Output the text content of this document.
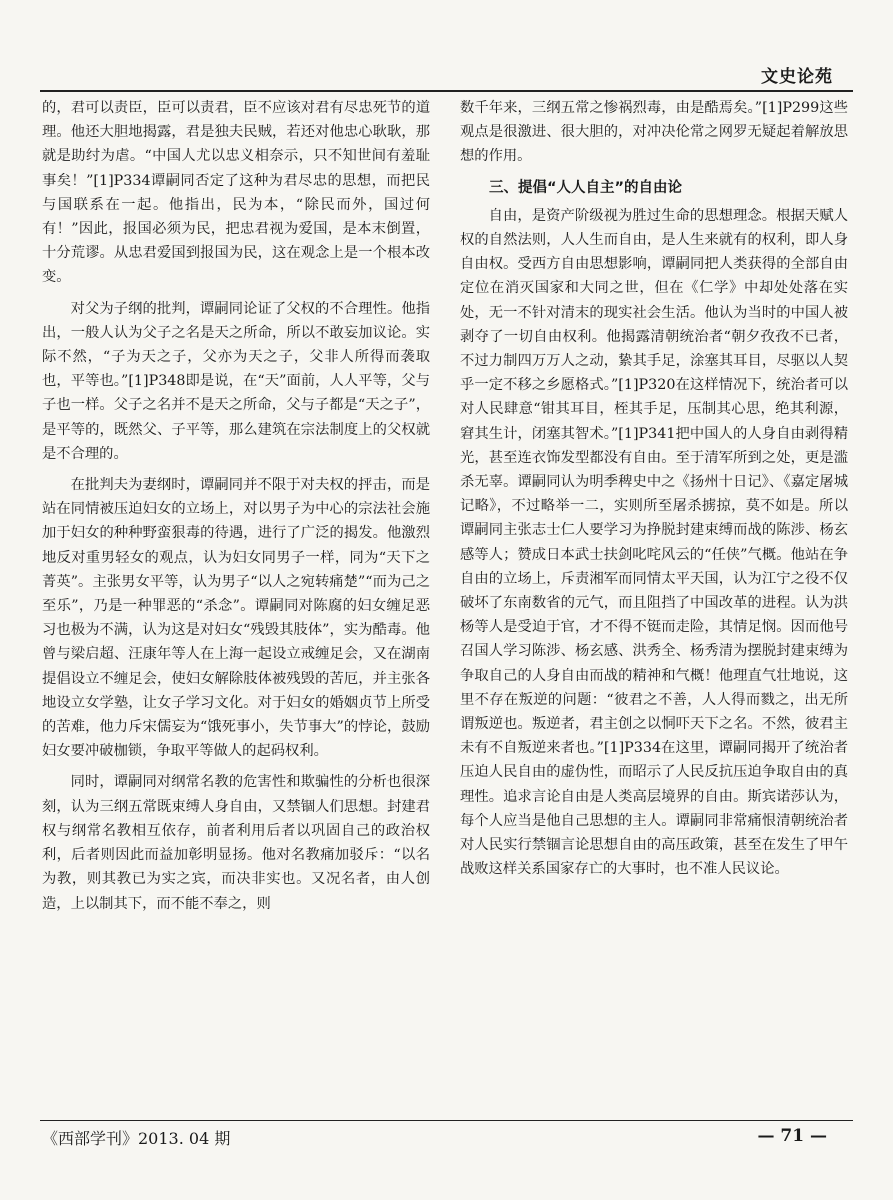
文史论苑

的，君可以责臣，臣可以责君，臣不应该对君有尽忠死节的道理。他还大胆地揭露，君是独夫民贼，若还对他忠心耿耿，那就是助纣为虐。“中国人尤以忠义相奈示，只不知世间有羞耻事矣！”[1]P334谭嗣同否定了这种为君尽忠的思想，而把民与国联系在一起。他指出，民为本，“除民而外，国过何有！”因此，报国必须为民，把忠君视为爱国，是本末倒置，十分荒谬。从忠君爱国到报国为民，这在观念上是一个根本改变。

对父为子纲的批判，谭嗣同论证了父权的不合理性。他指出，一般人认为父子之名是天之所命，所以不敢妄加议论。实际不然，“子为天之子，父亦为天之子，父非人所得而袭取也，平等也。”[1]P348即是说，在“天”面前，人人平等，父与子也一样。父子之名并不是天之所命，父与子都是“天之子”，是平等的，既然父、子平等，那么建筑在宗法制度上的父权就是不合理的。

在批判夫为妻纲时，谭嗣同并不限于对夫权的抨击，而是站在同情被压迫妇女的立场上，对以男子为中心的宗法社会施加于妇女的种种野蛮狠毒的待遇，进行了广泛的揭发。他激烈地反对重男轻女的观点，认为妇女同男子一样，同为“天下之菁英”。主张男女平等，认为男子“以人之宛转痛楚”“而为己之至乐”，乃是一种罪恶的“杀念”。谭嗣同对陈腐的妇女缠足恶习也极为不满，认为这是对妇女“残毁其肢体”，实为酷毒。他曾与梁启超、汪康年等人在上海一起设立戒缠足会，又在湖南提倡设立不缠足会，使妇女解除肢体被残毁的苦厄，并主张各地设立女学塾，让女子学习文化。对于妇女的婚姻贞节上所受的苦难，他力斥宋儒妄为“饿死事小，失节事大”的悖论，鼓励妇女要冲破枷锁，争取平等做人的起码权利。

同时，谭嗣同对纲常名教的危害性和欺骗性的分析也很深刻，认为三纲五常既束缚人身自由，又禁锢人们思想。封建君权与纲常名教相互依存，前者利用后者以巩固自己的政治权利，后者则因此而益加彰明显扬。他对名教痛加驳斥：“以名为教，则其教已为实之宾，而决非实也。又况名者，由人创造，上以制其下，而不能不奉之，则

数千年来，三纲五常之惨祸烈毒，由是酷焉矣。”[1]P299这些观点是很激进、很大胆的，对冲决伦常之网罗无疑起着解放思想的作用。

三、提倡“人人自主”的自由论

自由，是资产阶级视为胜过生命的思想理念。根据天赋人权的自然法则，人人生而自由，是人生来就有的权利，即人身自由权。受西方自由思想影响，谭嗣同把人类获得的全部自由定位在消灭国家和大同之世，但在《仁学》中却处处落在实处，无一不针对清末的现实社会生活。他认为当时的中国人被剥夺了一切自由权利。他揭露清朝统治者“朝夕孜孜不已者，不过力制四万万人之动，絷其手足，涂塞其耳目，尽驱以人契乎一定不移之乡愿格式。”[1]P320在这样情况下，统治者可以对人民肆意“钳其耳目，桎其手足，压制其心思，绝其利源，窘其生计，闭塞其智术。”[1]P341把中国人的人身自由剥得精光，甚至连衣饰发型都没有自由。至于清军所到之处，更是滥杀无辜。谭嗣同认为明季稗史中之《扬州十日记》、《嘉定屠城记略》，不过略举一二，实则所至屠杀掳掠，莫不如是。所以谭嗣同主张志士仁人要学习为挣脱封建束缚而战的陈涉、杨玄感等人；赞成日本武士扶剑叱咤风云的“任侠”气概。他站在争自由的立场上，斥责湘军而同情太平天国，认为江宁之役不仅破坏了东南数省的元气，而且阻挡了中国改革的进程。认为洪杨等人是受迫于官，才不得不铤而走险，其情足悯。因而他号召国人学习陈涉、杨玄感、洪秀全、杨秀清为摆脱封建束缚为争取自己的人身自由而战的精神和气概！他理直气壮地说，这里不存在叛逆的问题：“彼君之不善，人人得而戮之，出无所谓叛逆也。叛逆者，君主创之以恫吓天下之名。不然，彼君主未有不自叛逆来者也。”[1]P334在这里，谭嗣同揭开了统治者压迫人民自由的虚伪性，而昭示了人民反抗压迫争取自由的真理性。追求言论自由是人类高层境界的自由。斯宾诺莎认为，每个人应当是他自己思想的主人。谭嗣同非常痛恨清朝统治者对人民实行禁锢言论思想自由的高压政策，甚至在发生了甲午战败这样关系国家存亡的大事时，也不准人民议论。

《西部学刊》2013. 04 期	— 71 —
